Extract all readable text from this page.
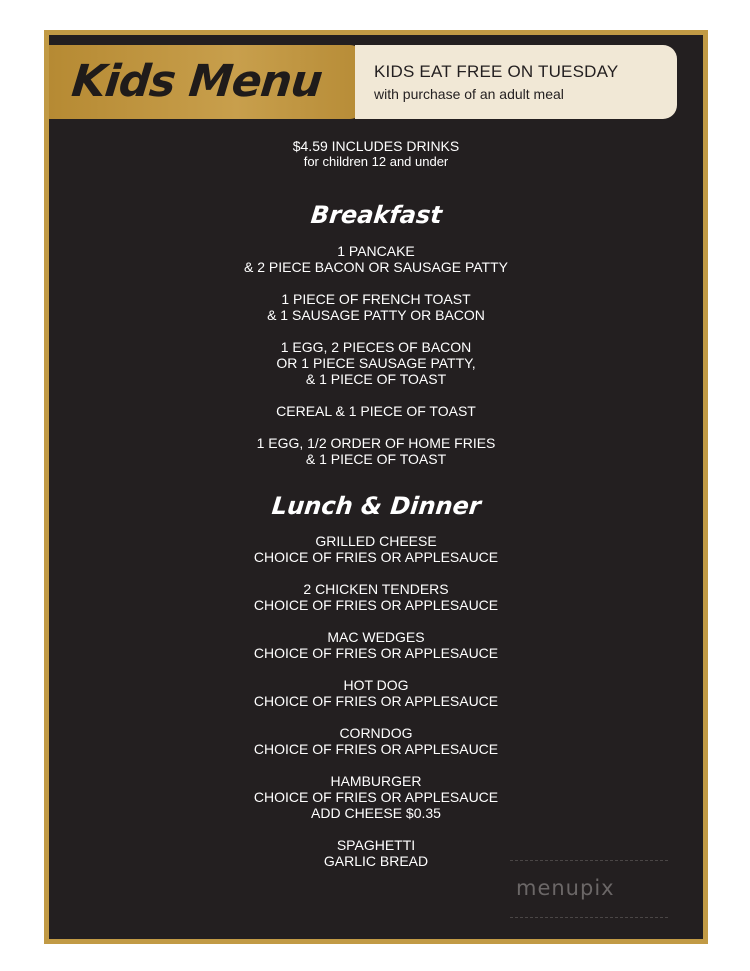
Kids Menu	KIDS EAT FREE ON TUESDAY
with purchase of an adult meal
$4.59 INCLUDES DRINKS
for children 12 and under
Breakfast
1 PANCAKE
& 2 PIECE BACON OR SAUSAGE PATTY
1 PIECE OF FRENCH TOAST
& 1 SAUSAGE PATTY OR BACON
1 EGG, 2 PIECES OF BACON
OR 1 PIECE SAUSAGE PATTY,
& 1 PIECE OF TOAST
CEREAL & 1 PIECE OF TOAST
1 EGG, 1/2 ORDER OF HOME FRIES
& 1 PIECE OF TOAST
Lunch & Dinner
GRILLED CHEESE
CHOICE OF FRIES OR APPLESAUCE
2 CHICKEN TENDERS
CHOICE OF FRIES OR APPLESAUCE
MAC WEDGES
CHOICE OF FRIES OR APPLESAUCE
HOT DOG
CHOICE OF FRIES OR APPLESAUCE
CORNDOG
CHOICE OF FRIES OR APPLESAUCE
HAMBURGER
CHOICE OF FRIES OR APPLESAUCE
ADD CHEESE $0.35
SPAGHETTI
GARLIC BREAD
menupix
